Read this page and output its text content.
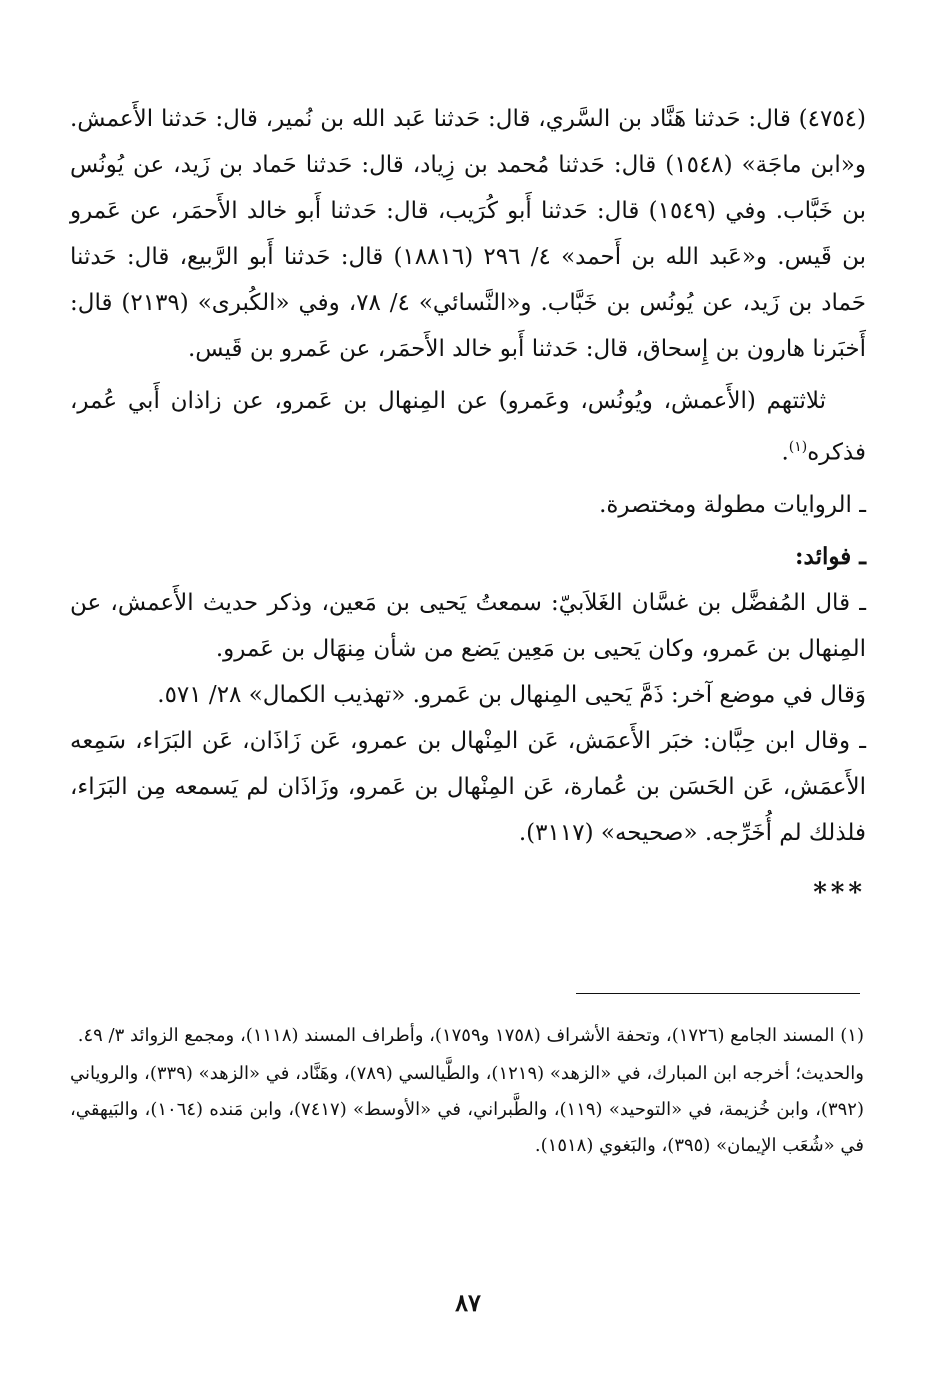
(٤٧٥٤) قال: حَدثنا هَنَّاد بن السَّري، قال: حَدثنا عَبد الله بن نُمير، قال: حَدثنا الأَعمش. و«ابن ماجَة» (١٥٤٨) قال: حَدثنا مُحمد بن زِياد، قال: حَدثنا حَماد بن زَيد، عن يُونُس بن خَبَّاب. وفي (١٥٤٩) قال: حَدثنا أَبو كُرَيب، قال: حَدثنا أَبو خالد الأَحمَر، عن عَمرو بن قَيس. و«عَبد الله بن أَحمد» ٤/ ٢٩٦ (١٨٨١٦) قال: حَدثنا أَبو الرَّبيع، قال: حَدثنا حَماد بن زَيد، عن يُونُس بن خَبَّاب. و«النَّسائي» ٤/ ٧٨، وفي «الكُبرى» (٢١٣٩) قال: أَخبَرنا هارون بن إِسحاق، قال: حَدثنا أَبو خالد الأَحمَر، عن عَمرو بن قَيس.

ثلاثتهم (الأَعمش، ويُونُس، وعَمرو) عن المِنهال بن عَمرو، عن زاذان أَبي عُمر، فذكره$^{(١)}$.

ـ الروايات مطولة ومختصرة.

ـ فوائد:

ـ قال المُفضَّل بن غسَّان الغَلاَبيّ: سمعتُ يَحيى بن مَعين، وذكر حديث الأَعمش، عن المِنهال بن عَمرو، وكان يَحيى بن مَعِين يَضع من شأن مِنهَال بن عَمرو.

وَقال في موضع آخر: ذَمَّ يَحيى المِنهال بن عَمرو. «تهذيب الكمال» ٢٨/ ٥٧١.

ـ وقال ابن حِبَّان: خبَر الأَعمَش، عَن المِنْهال بن عمرو، عَن زَاذَان، عَن البَرَاء، سَمِعه الأَعمَش، عَن الحَسَن بن عُمارة، عَن المِنْهال بن عَمرو، وزَاذَان لم يَسمعه مِن البَرَاء، فلذلك لم أُخَرِّجه. «صحيحه» (٣١١٧).

***

(١) المسند الجامع (١٧٢٦)، وتحفة الأشراف (١٧٥٨ و١٧٥٩)، وأطراف المسند (١١١٨)، ومجمع الزوائد ٣/ ٤٩.

والحديث؛ أخرجه ابن المبارك، في «الزهد» (١٢١٩)، والطَّيالسي (٧٨٩)، وهَنَّاد، في «الزهد» (٣٣٩)، والروياني (٣٩٢)، وابن خُزيمة، في «التوحيد» (١١٩)، والطَّبراني، في «الأوسط» (٧٤١٧)، وابن مَنده (١٠٦٤)، والبَيهقي، في «شُعَب الإيمان» (٣٩٥)، والبَغوي (١٥١٨).

٨٧
